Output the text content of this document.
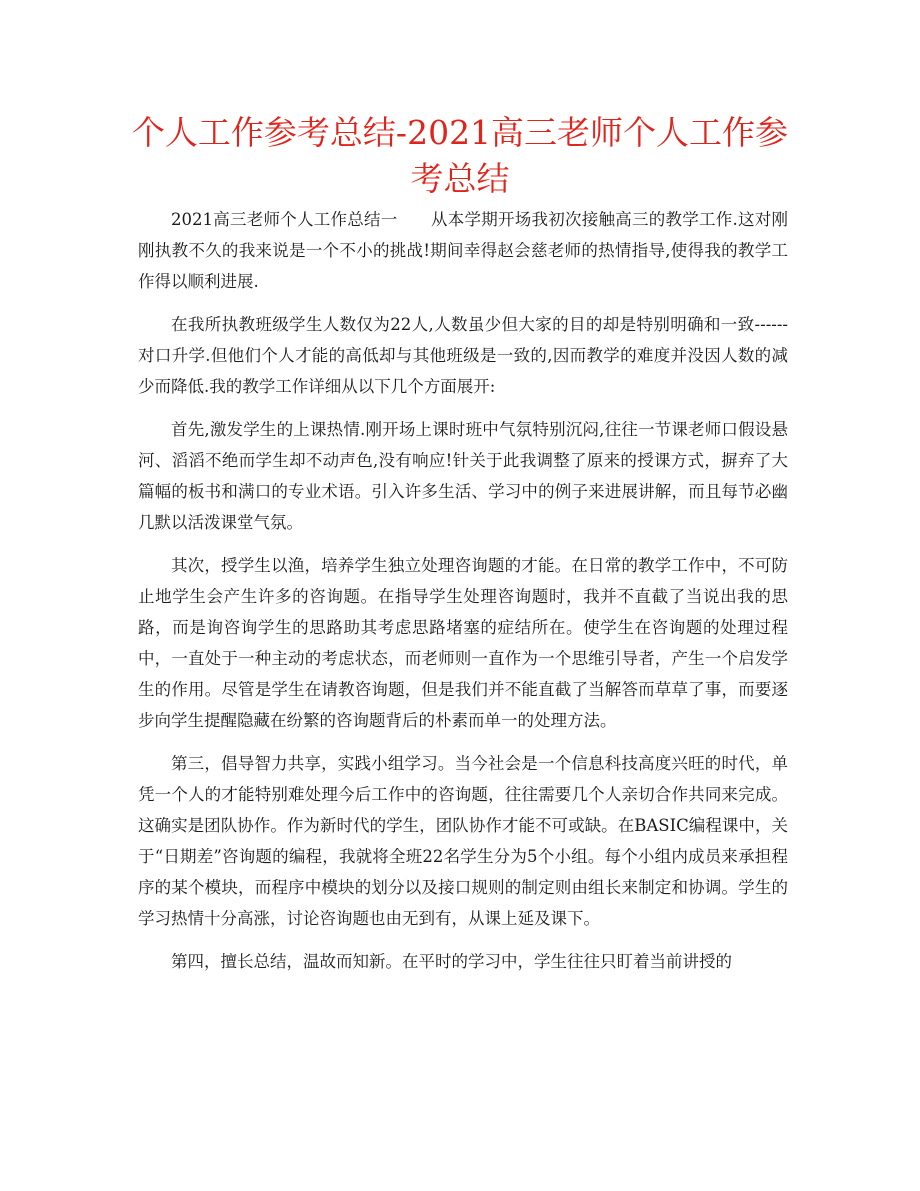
个人工作参考总结-2021高三老师个人工作参考总结

2021高三老师个人工作总结一　　从本学期开场我初次接触高三的教学工作.这对刚刚执教不久的我来说是一个不小的挑战!期间幸得赵会慈老师的热情指导,使得我的教学工作得以顺利进展.

在我所执教班级学生人数仅为22人,人数虽少但大家的目的却是特别明确和一致------对口升学.但他们个人才能的高低却与其他班级是一致的,因而教学的难度并没因人数的减少而降低.我的教学工作详细从以下几个方面展开:

首先,激发学生的上课热情.刚开场上课时班中气氛特别沉闷,往往一节课老师口假设悬河、滔滔不绝而学生却不动声色,没有响应!针关于此我调整了原来的授课方式，摒弃了大篇幅的板书和满口的专业术语。引入许多生活、学习中的例子来进展讲解，而且每节必幽几默以活泼课堂气氛。

其次，授学生以渔，培养学生独立处理咨询题的才能。在日常的教学工作中，不可防止地学生会产生许多的咨询题。在指导学生处理咨询题时，我并不直截了当说出我的思路，而是询咨询学生的思路助其考虑思路堵塞的症结所在。使学生在咨询题的处理过程中，一直处于一种主动的考虑状态，而老师则一直作为一个思维引导者，产生一个启发学生的作用。尽管是学生在请教咨询题，但是我们并不能直截了当解答而草草了事，而要逐步向学生提醒隐藏在纷繁的咨询题背后的朴素而单一的处理方法。

第三，倡导智力共享，实践小组学习。当今社会是一个信息科技高度兴旺的时代，单凭一个人的才能特别难处理今后工作中的咨询题，往往需要几个人亲切合作共同来完成。这确实是团队协作。作为新时代的学生，团队协作才能不可或缺。在BASIC编程课中，关于“日期差”咨询题的编程，我就将全班22名学生分为5个小组。每个小组内成员来承担程序的某个模块，而程序中模块的划分以及接口规则的制定则由组长来制定和协调。学生的学习热情十分高涨，讨论咨询题也由无到有，从课上延及课下。

第四，擅长总结，温故而知新。在平时的学习中，学生往往只盯着当前讲授的
